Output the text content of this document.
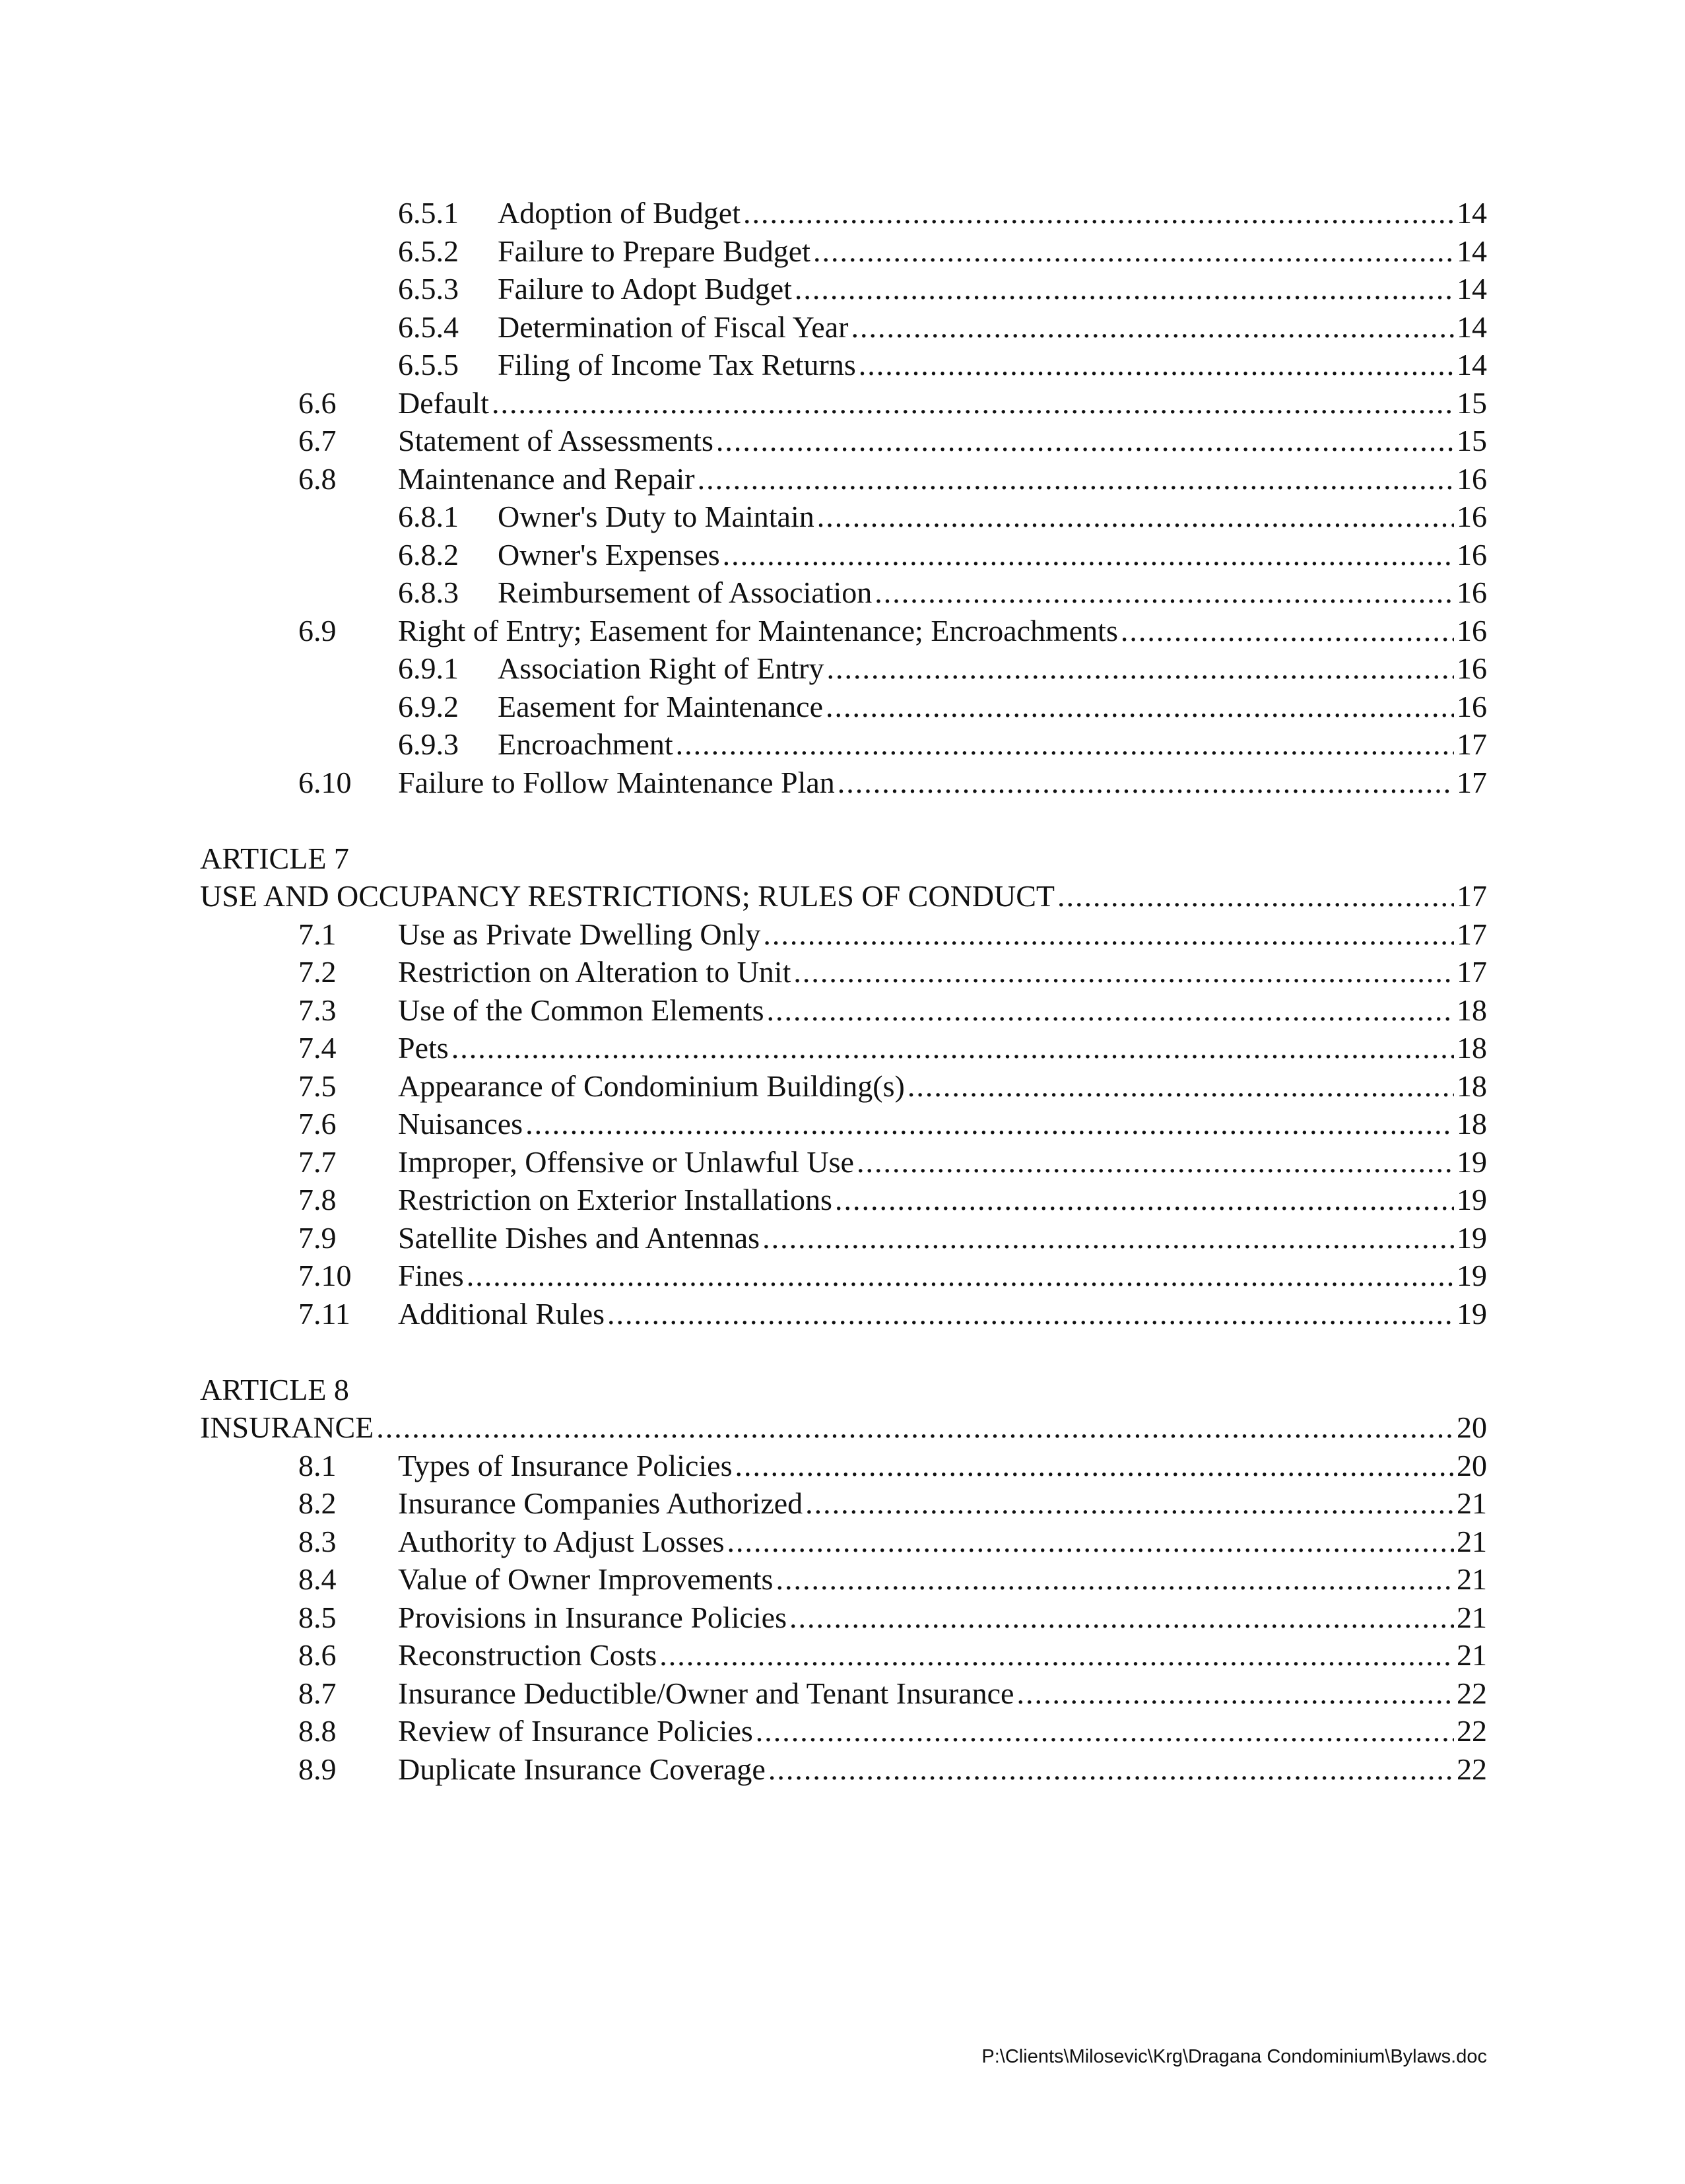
6.5.1 Adoption of Budget .....	14
6.5.2 Failure to Prepare Budget .....	14
6.5.3 Failure to Adopt Budget .....	14
6.5.4 Determination of Fiscal Year .....	14
6.5.5 Filing of Income Tax Returns .....	14
6.6 Default .....	15
6.7 Statement of Assessments .....	15
6.8 Maintenance and Repair .....	16
6.8.1 Owner's Duty to Maintain .....	16
6.8.2 Owner's Expenses .....	16
6.8.3 Reimbursement of Association .....	16
6.9 Right of Entry; Easement for Maintenance; Encroachments .....	16
6.9.1 Association Right of Entry .....	16
6.9.2 Easement for Maintenance .....	16
6.9.3 Encroachment .....	17
6.10 Failure to Follow Maintenance Plan .....	17
ARTICLE 7
USE AND OCCUPANCY RESTRICTIONS; RULES OF CONDUCT .....	17
7.1 Use as Private Dwelling Only .....	17
7.2 Restriction on Alteration to Unit .....	17
7.3 Use of the Common Elements .....	18
7.4 Pets .....	18
7.5 Appearance of Condominium Building(s) .....	18
7.6 Nuisances .....	18
7.7 Improper, Offensive or Unlawful Use .....	19
7.8 Restriction on Exterior Installations .....	19
7.9 Satellite Dishes and Antennas .....	19
7.10 Fines .....	19
7.11 Additional Rules .....	19
ARTICLE 8
INSURANCE .....	20
8.1 Types of Insurance Policies .....	20
8.2 Insurance Companies Authorized .....	21
8.3 Authority to Adjust Losses .....	21
8.4 Value of Owner Improvements .....	21
8.5 Provisions in Insurance Policies .....	21
8.6 Reconstruction Costs .....	21
8.7 Insurance Deductible/Owner and Tenant Insurance .....	22
8.8 Review of Insurance Policies .....	22
8.9 Duplicate Insurance Coverage .....	22
P:\Clients\Milosevic\Krg\Dragana Condominium\Bylaws.doc
